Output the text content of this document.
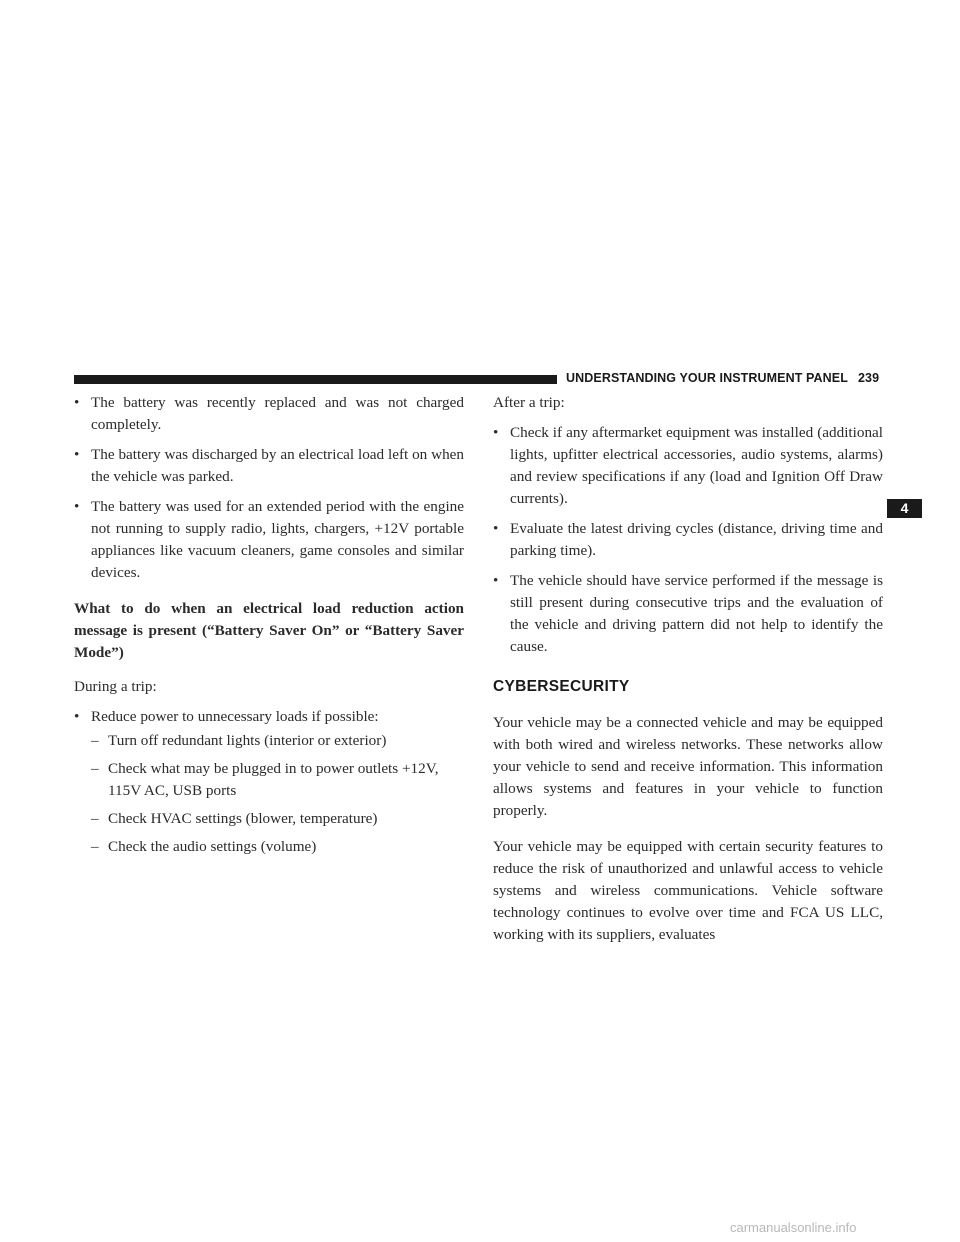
UNDERSTANDING YOUR INSTRUMENT PANEL 239
4
• The battery was recently replaced and was not charged completely.
• The battery was discharged by an electrical load left on when the vehicle was parked.
• The battery was used for an extended period with the engine not running to supply radio, lights, chargers, +12V portable appliances like vacuum cleaners, game consoles and similar devices.
What to do when an electrical load reduction action message is present (“Battery Saver On” or “Battery Saver Mode”)

During a trip:

• Reduce power to unnecessary loads if possible:
– Turn off redundant lights (interior or exterior)
– Check what may be plugged in to power outlets +12V, 115V AC, USB ports
– Check HVAC settings (blower, temperature)
– Check the audio settings (volume)

After a trip:

• Check if any aftermarket equipment was installed (additional lights, upfitter electrical accessories, audio systems, alarms) and review specifications if any (load and Ignition Off Draw currents).
• Evaluate the latest driving cycles (distance, driving time and parking time).
• The vehicle should have service performed if the message is still present during consecutive trips and the evaluation of the vehicle and driving pattern did not help to identify the cause.
CYBERSECURITY

Your vehicle may be a connected vehicle and may be equipped with both wired and wireless networks. These networks allow your vehicle to send and receive information. This information allows systems and features in your vehicle to function properly.

Your vehicle may be equipped with certain security features to reduce the risk of unauthorized and unlawful access to vehicle systems and wireless communications. Vehicle software technology continues to evolve over time and FCA US LLC, working with its suppliers, evaluates

carmanualsonline.info
